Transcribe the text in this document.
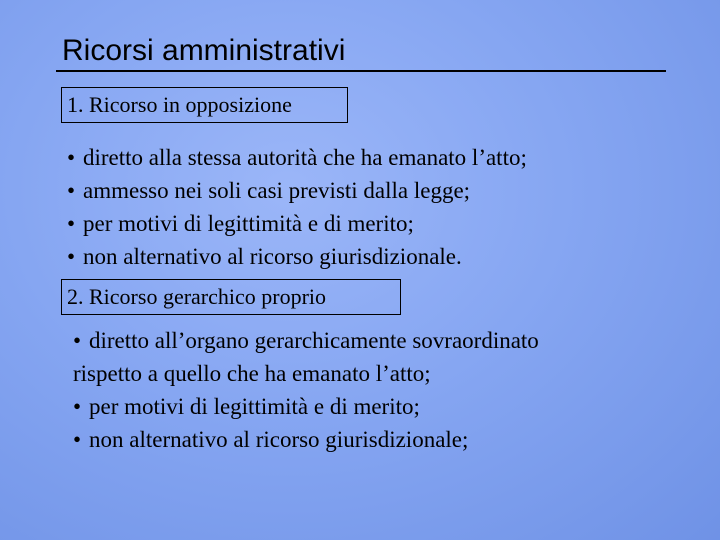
Ricorsi amministrativi
1. Ricorso in opposizione
• diretto alla stessa autorità che ha emanato l’atto;
• ammesso nei soli casi previsti dalla legge;
• per motivi di legittimità e di merito;
• non alternativo al ricorso giurisdizionale.
2. Ricorso gerarchico proprio
• diretto all’organo gerarchicamente sovraordinato
rispetto a quello che ha emanato l’atto;
• per motivi di legittimità e di merito;
• non alternativo al ricorso giurisdizionale;
